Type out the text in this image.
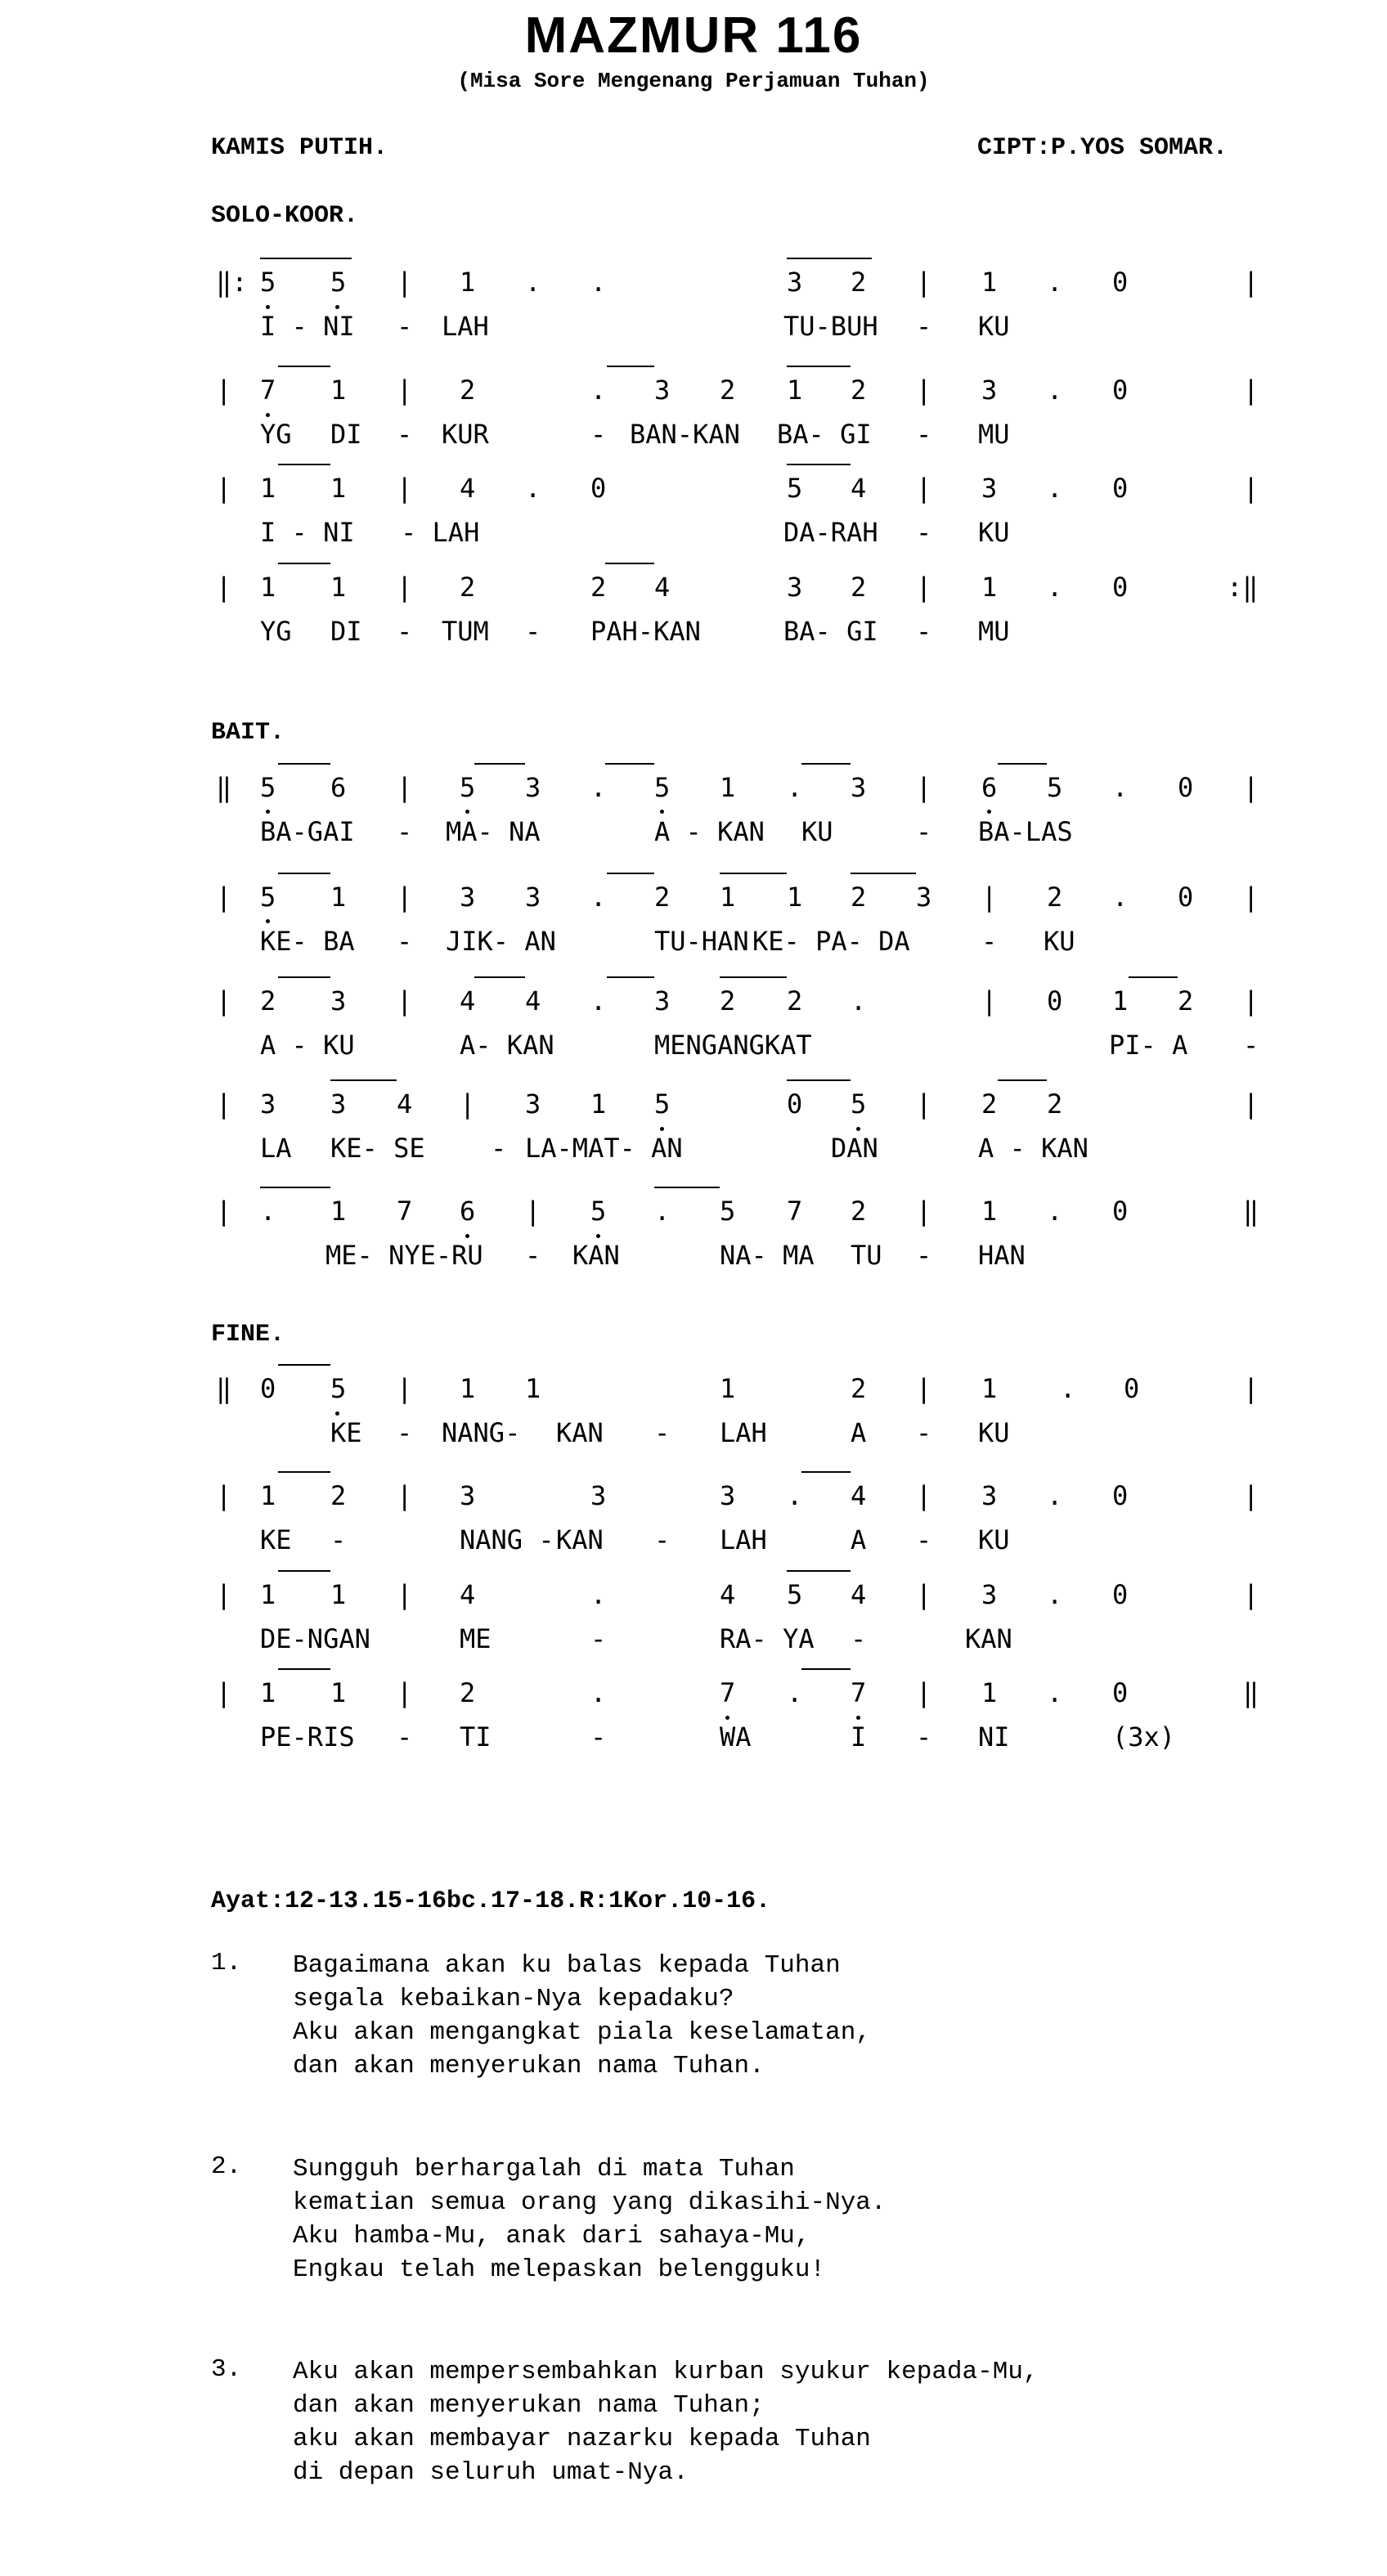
MAZMUR 116
(Misa Sore Mengenang Perjamuan Tuhan)
KAMIS PUTIH.	CIPT:P.YOS SOMAR.
SOLO-KOOR.
BAIT.
FINE.
‖: 5 5 | 1 . .	3 2 | 1 . 0	|
I - NI - LAH	TU-BUH - KU
| 7 1 | 2	. 3 2 1 2 | 3 . 0	|
YG DI - KUR	- BAN-KAN BA- GI - MU
| 1 1 | 4 . 0	5 4 | 3 . 0	|
I - NI - LAH	DA-RAH - KU
| 1 1 | 2	2 4	3 2 | 1 . 0	:‖
YG DI - TUM - PAH-KAN	BA- GI - MU
‖ 5 6 | 5 3 . 5 1 . 3 | 6 5 . 0 |
BA-GAI - MA- NA	A - KAN KU	- BA-LAS
| 5 1 | 3 3 . 2 1 1 2 3 | 2 . 0 |
KE- BA - JIK- AN	TU-HAN KE- PA- DA	- KU
| 2 3 | 4 4 . 3 2 2 .	| 0 1 2 |
A - KU	A- KAN	MENGANGKAT	PI- A -
| 3 3 4 | 3 1 5	0 5 | 2 2	|
LA KE- SE	- LA-MAT- AN	DAN	A - KAN
| . 1 7 6 | 5 . 5 7 2 | 1 . 0	‖
ME- NYE-RU - KAN	NA- MA TU - HAN
‖ 0 5 | 1 1	1	2 | 1 . 0	|
KE - NANG- KAN - LAH	A - KU
| 1 2 | 3	3	3 . 4 | 3 . 0	|
KE -	NANG - KAN - LAH	A - KU
| 1 1 | 4	.	4 5 4 | 3 . 0	|
DE-NGAN	ME	-	RA- YA -	KAN
| 1 1 | 2	.	7 . 7 | 1 . 0	‖
PE-RIS - TI	-	WA	I - NI	(3x)
Ayat:12-13.15-16bc.17-18.R:1Kor.10-16.
1. Bagaimana akan ku balas kepada Tuhan
segala kebaikan-Nya kepadaku?
Aku akan mengangkat piala keselamatan,
dan akan menyerukan nama Tuhan.
2. Sungguh berhargalah di mata Tuhan
kematian semua orang yang dikasihi-Nya.
Aku hamba-Mu, anak dari sahaya-Mu,
Engkau telah melepaskan belengguku!
3. Aku akan mempersembahkan kurban syukur kepada-Mu,
dan akan menyerukan nama Tuhan;
aku akan membayar nazarku kepada Tuhan
di depan seluruh umat-Nya.
